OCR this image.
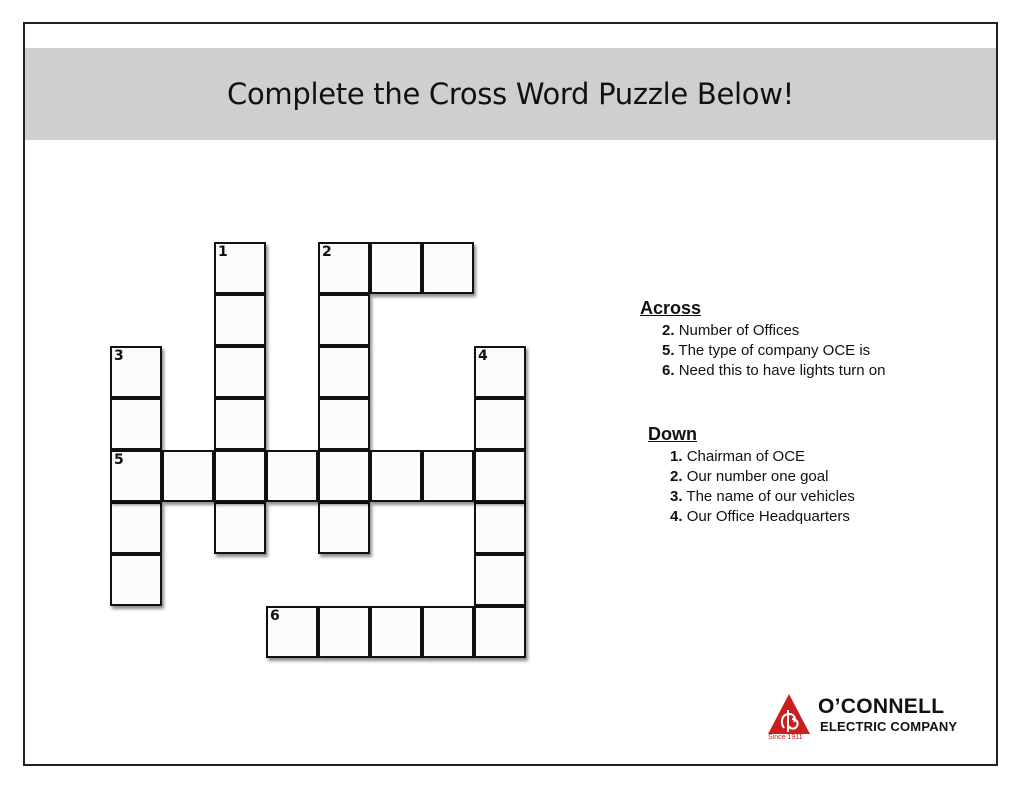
Complete the Cross Word Puzzle Below!
1	2
3	4
5
6
Across
2. Number of Offices
5. The type of company OCE is
6. Need this to have lights turn on
Down
1. Chairman of OCE
2. Our number one goal
3. The name of our vehicles
4. Our Office Headquarters
Since 1911
O’CONNELL
ELECTRIC COMPANY
